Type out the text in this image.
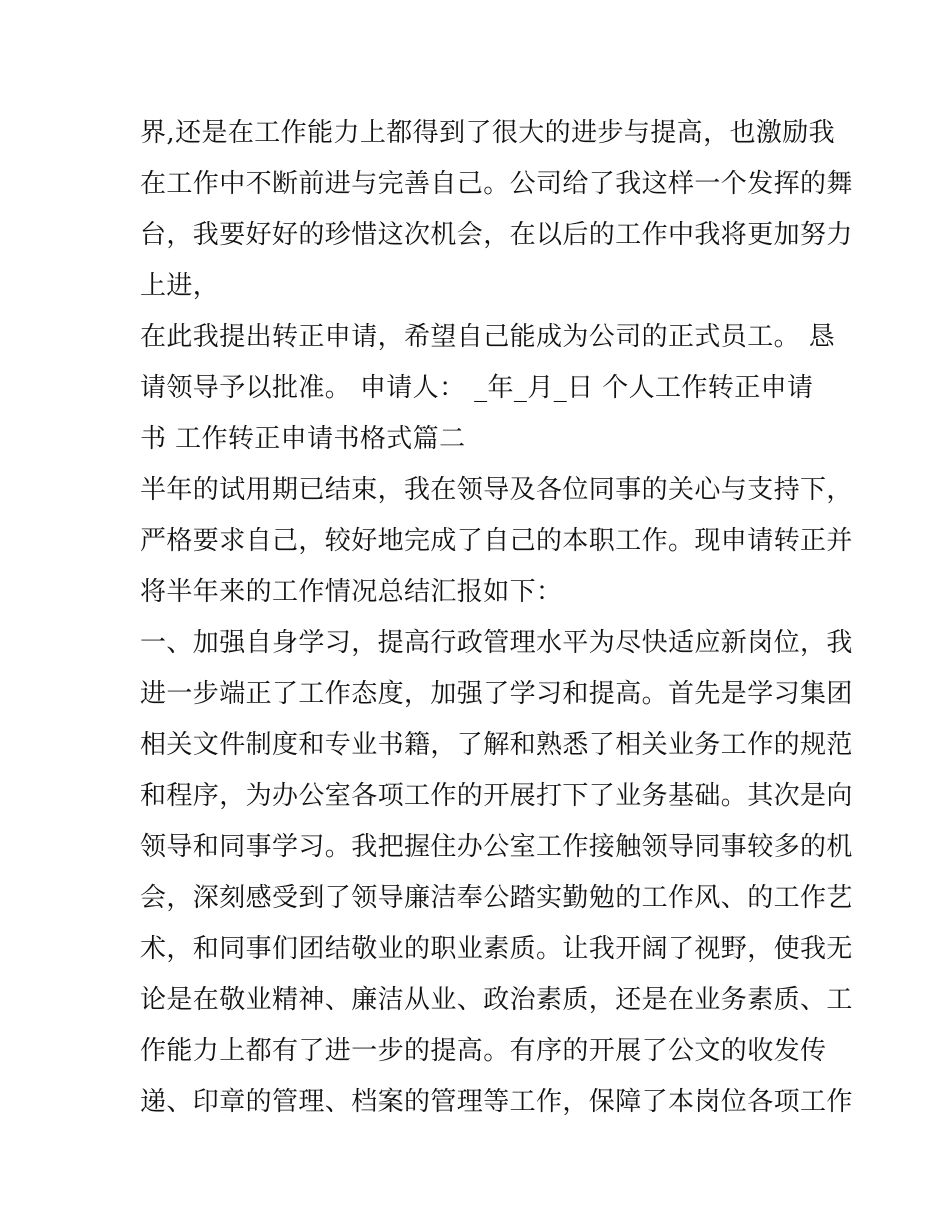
界,还是在工作能力上都得到了很大的进步与提高，也激励我
在工作中不断前进与完善自己。公司给了我这样一个发挥的舞
台，我要好好的珍惜这次机会，在以后的工作中我将更加努力
上进，
在此我提出转正申请，希望自己能成为公司的正式员工。 恳
请领导予以批准。 申请人： _年_月_日 个人工作转正申请
书 工作转正申请书格式篇二
半年的试用期已结束，我在领导及各位同事的关心与支持下，
严格要求自己，较好地完成了自己的本职工作。现申请转正并
将半年来的工作情况总结汇报如下：
一、加强自身学习，提高行政管理水平为尽快适应新岗位，我
进一步端正了工作态度，加强了学习和提高。首先是学习集团
相关文件制度和专业书籍，了解和熟悉了相关业务工作的规范
和程序，为办公室各项工作的开展打下了业务基础。其次是向
领导和同事学习。我把握住办公室工作接触领导同事较多的机
会，深刻感受到了领导廉洁奉公踏实勤勉的工作风、的工作艺
术，和同事们团结敬业的职业素质。让我开阔了视野，使我无
论是在敬业精神、廉洁从业、政治素质，还是在业务素质、工
作能力上都有了进一步的提高。有序的开展了公文的收发传
递、印章的管理、档案的管理等工作，保障了本岗位各项工作
